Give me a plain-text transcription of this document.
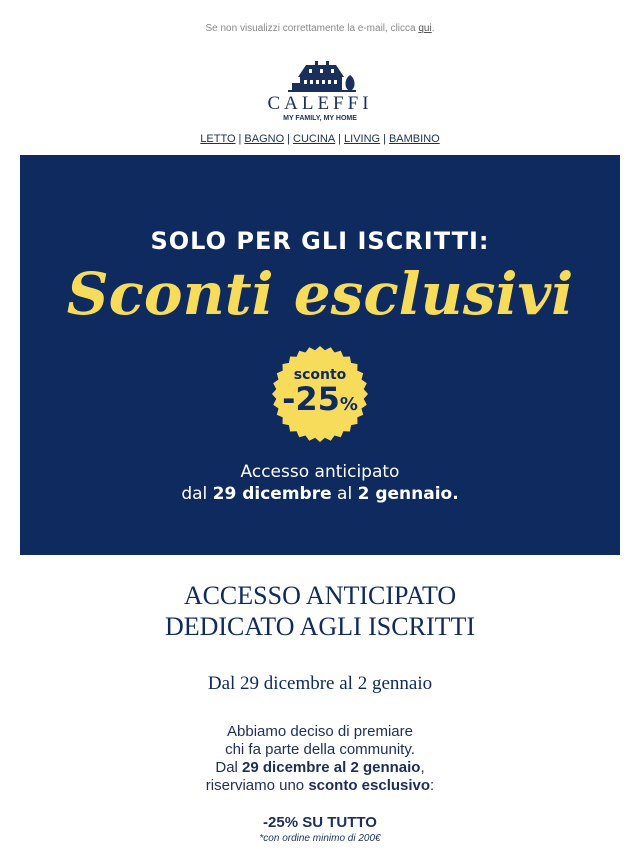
Se non visualizzi correttamente la e-mail, clicca qui.
CALEFFI
MY FAMILY, MY HOME
LETTO | BAGNO | CUCINA | LIVING | BAMBINO
SOLO PER GLI ISCRITTI:
Sconti esclusivi
sconto
-25%
Accesso anticipato
dal 29 dicembre al 2 gennaio.
ACCESSO ANTICIPATO
DEDICATO AGLI ISCRITTI
Dal 29 dicembre al 2 gennaio
Abbiamo deciso di premiare
chi fa parte della community.
Dal 29 dicembre al 2 gennaio,
riserviamo uno sconto esclusivo:
-25% SU TUTTO
*con ordine minimo di 200€
